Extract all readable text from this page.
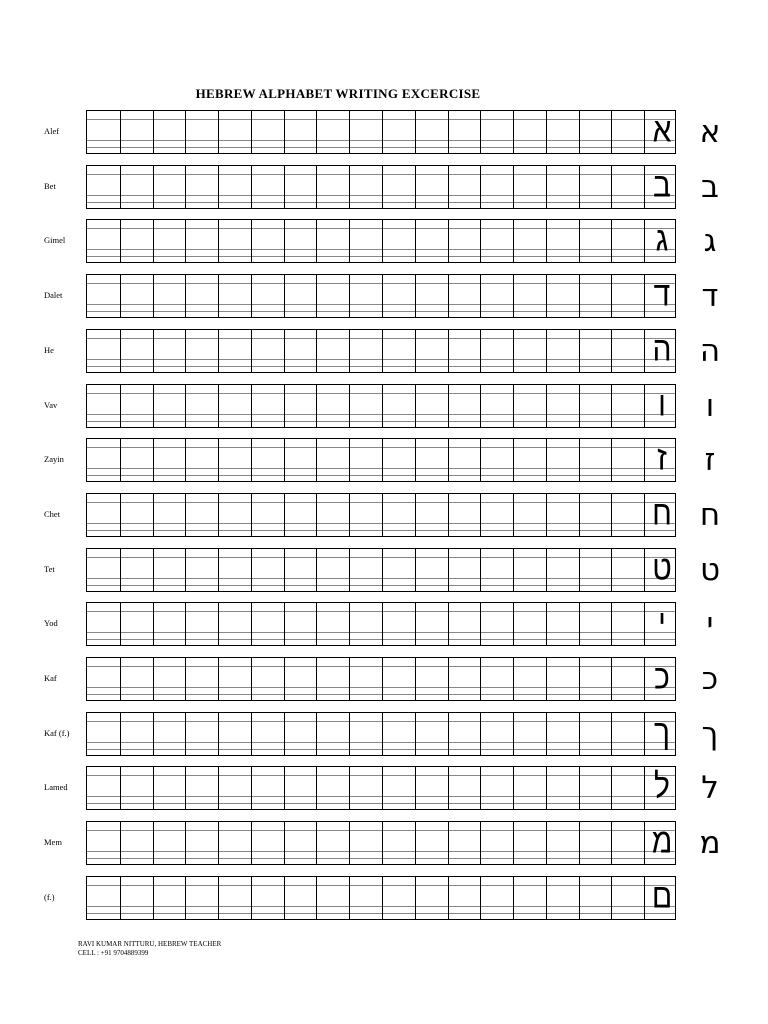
HEBREW ALPHABET WRITING EXCERCISE
Alef	א א
Bet	ב ב
Gimel	ג	ג
Dalet	ד	ד
He	ה ה
Vav	ו	ו
Zayin	ז	ז
Chet	ח ח
Tet	ט ט
Yod	י	י
Kaf	כ	כ
Kaf (f.)	ך	ך
Lamed	ל	ל
Mem	מ מ
(f.)	ם
RAVI KUMAR NITTURU, HEBREW TEACHER
CELL : +91 9704889399
